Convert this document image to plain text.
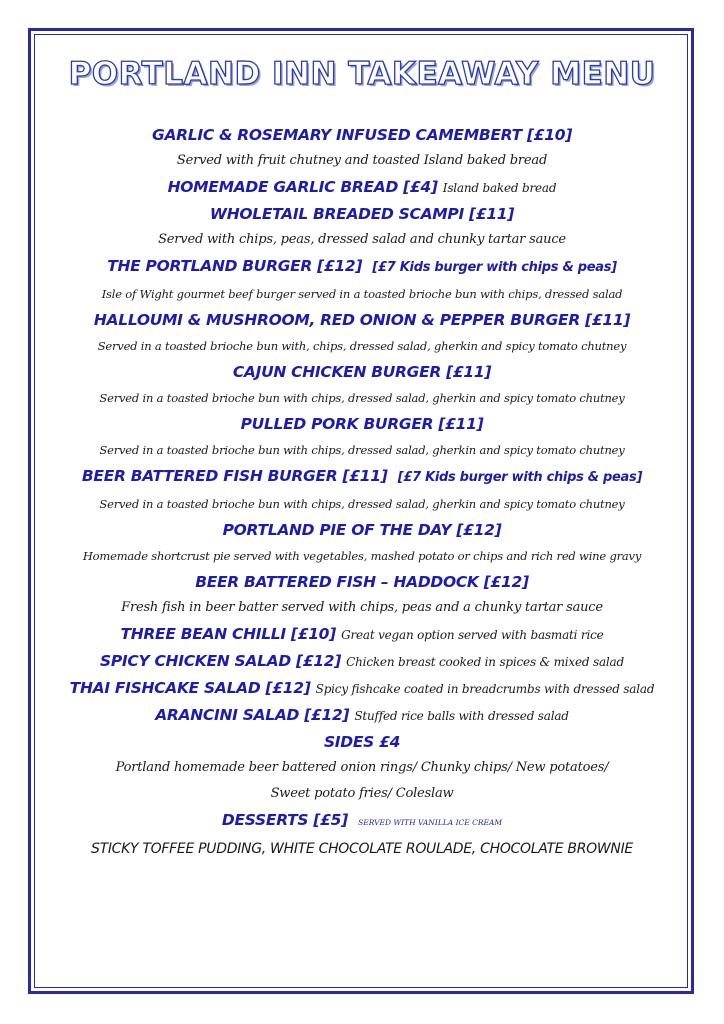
PORTLAND INN TAKEAWAY MENU
GARLIC & ROSEMARY INFUSED CAMEMBERT [£10]
Served with fruit chutney and toasted Island baked bread
HOMEMADE GARLIC BREAD [£4] Island baked bread
WHOLETAIL BREADED SCAMPI [£11]
Served with chips, peas, dressed salad and chunky tartar sauce
THE PORTLAND BURGER [£12] [£7 Kids burger with chips & peas]
Isle of Wight gourmet beef burger served in a toasted brioche bun with chips, dressed salad
HALLOUMI & MUSHROOM, RED ONION & PEPPER BURGER [£11]
Served in a toasted brioche bun with, chips, dressed salad, gherkin and spicy tomato chutney
CAJUN CHICKEN BURGER [£11]
Served in a toasted brioche bun with chips, dressed salad, gherkin and spicy tomato chutney
PULLED PORK BURGER [£11]
Served in a toasted brioche bun with chips, dressed salad, gherkin and spicy tomato chutney
BEER BATTERED FISH BURGER [£11] [£7 Kids burger with chips & peas]
Served in a toasted brioche bun with chips, dressed salad, gherkin and spicy tomato chutney
PORTLAND PIE OF THE DAY [£12]
Homemade shortcrust pie served with vegetables, mashed potato or chips and rich red wine gravy
BEER BATTERED FISH – HADDOCK [£12]
Fresh fish in beer batter served with chips, peas and a chunky tartar sauce
THREE BEAN CHILLI [£10] Great vegan option served with basmati rice
SPICY CHICKEN SALAD [£12] Chicken breast cooked in spices & mixed salad
THAI FISHCAKE SALAD [£12] Spicy fishcake coated in breadcrumbs with dressed salad
ARANCINI SALAD [£12] Stuffed rice balls with dressed salad
SIDES £4
Portland homemade beer battered onion rings/ Chunky chips/ New potatoes/
Sweet potato fries/ Coleslaw
DESSERTS [£5] SERVED WITH VANILLA ICE CREAM
STICKY TOFFEE PUDDING, WHITE CHOCOLATE ROULADE, CHOCOLATE BROWNIE
